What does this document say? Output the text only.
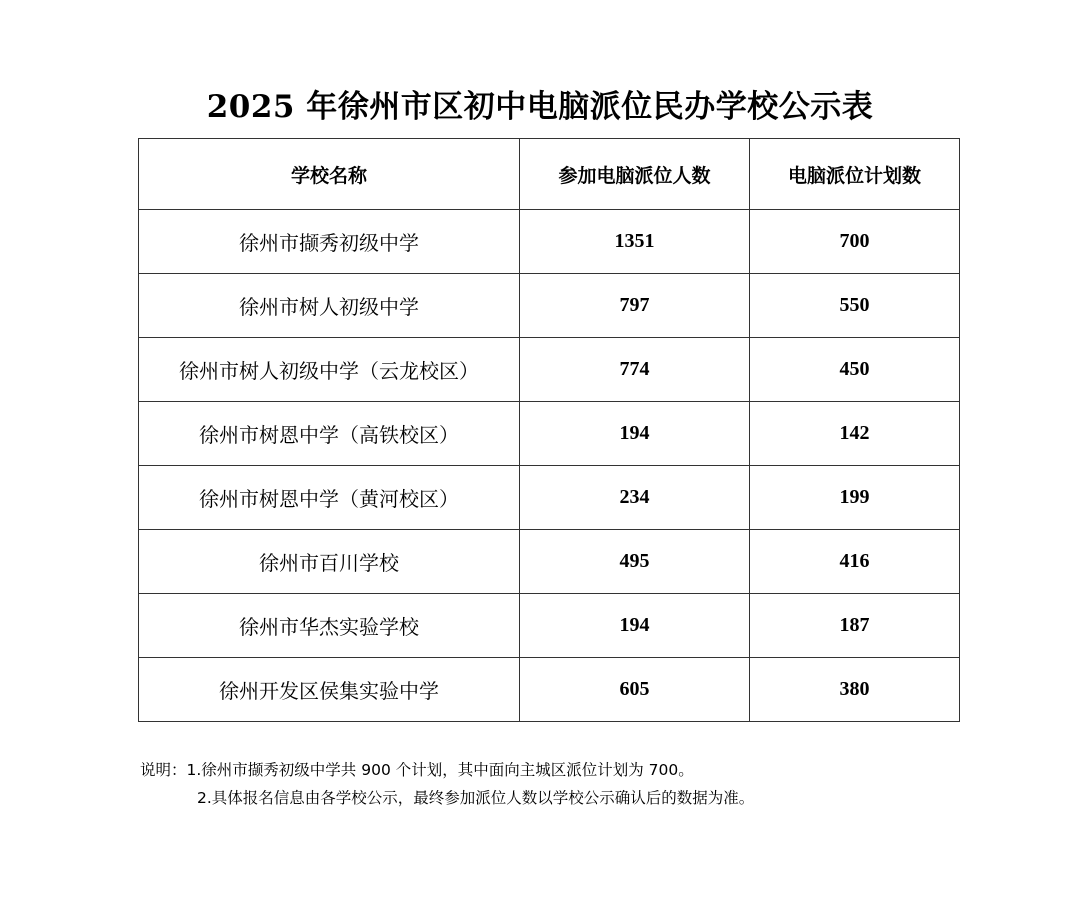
2025 年徐州市区初中电脑派位民办学校公示表
学校名称	参加电脑派位人数	电脑派位计划数
徐州市撷秀初级中学	1351	700
徐州市树人初级中学	797	550
徐州市树人初级中学（云龙校区）	774	450
徐州市树恩中学（高铁校区）	194	142
徐州市树恩中学（黄河校区）	234	199
徐州市百川学校	495	416
徐州市华杰实验学校	194	187
徐州开发区侯集实验中学	605	380
说明：1.徐州市撷秀初级中学共 900 个计划，其中面向主城区派位计划为 700。
2.具体报名信息由各学校公示，最终参加派位人数以学校公示确认后的数据为准。
